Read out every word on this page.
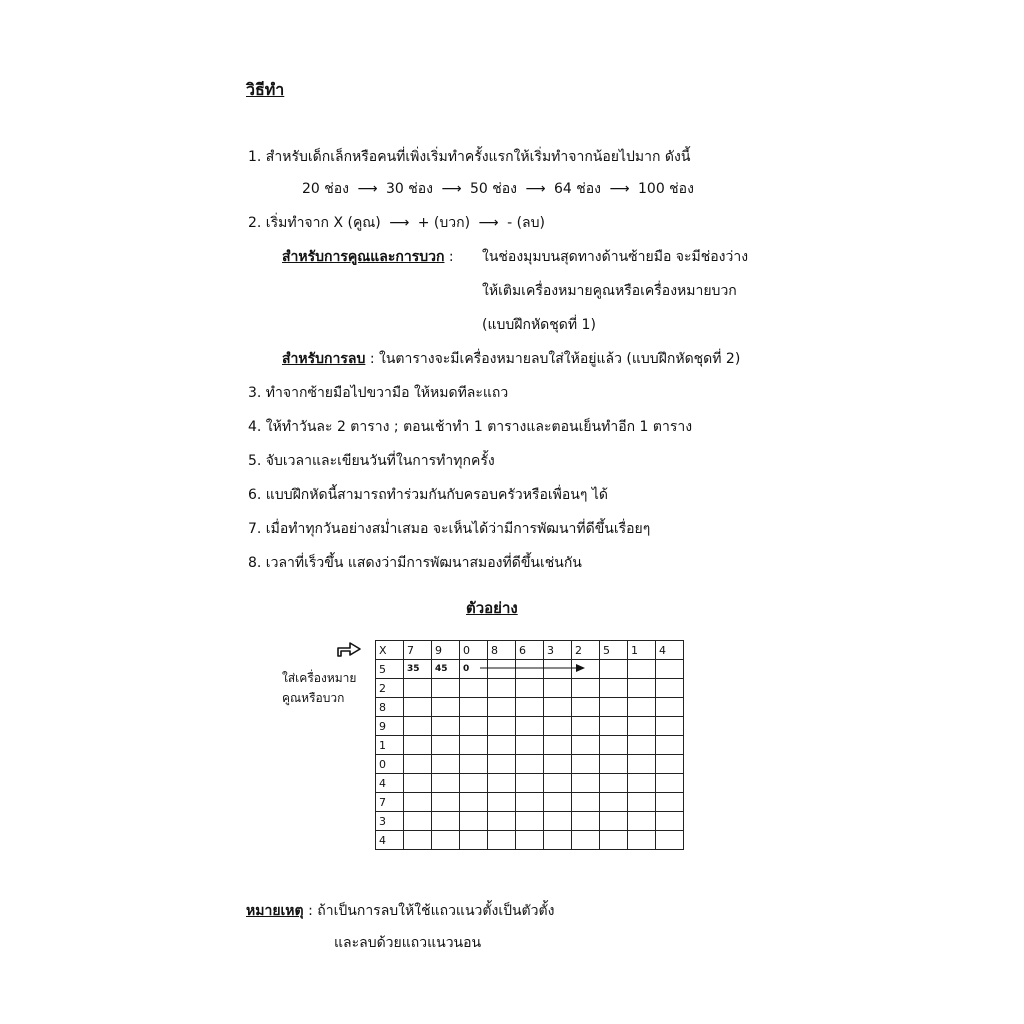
วิธีทำ
1. สำหรับเด็กเล็กหรือคนที่เพิ่งเริ่มทำครั้งแรกให้เริ่มทำจากน้อยไปมาก ดังนี้
20 ช่อง ⟶ 30 ช่อง ⟶ 50 ช่อง ⟶ 64 ช่อง ⟶ 100 ช่อง
2. เริ่มทำจาก X (คูณ) ⟶ + (บวก) ⟶ - (ลบ)
สำหรับการคูณและการบวก : ในช่องมุมบนสุดทางด้านซ้ายมือ จะมีช่องว่าง
ให้เติมเครื่องหมายคูณหรือเครื่องหมายบวก
(แบบฝึกหัดชุดที่ 1)
สำหรับการลบ : ในตารางจะมีเครื่องหมายลบใส่ให้อยู่แล้ว (แบบฝึกหัดชุดที่ 2)
3. ทำจากซ้ายมือไปขวามือ ให้หมดทีละแถว
4. ให้ทำวันละ 2 ตาราง ; ตอนเช้าทำ 1 ตารางและตอนเย็นทำอีก 1 ตาราง
5. จับเวลาและเขียนวันที่ในการทำทุกครั้ง
6. แบบฝึกหัดนี้สามารถทำร่วมกันกับครอบครัวหรือเพื่อนๆ ได้
7. เมื่อทำทุกวันอย่างสม่ำเสมอ จะเห็นได้ว่ามีการพัฒนาที่ดีขึ้นเรื่อยๆ
8. เวลาที่เร็วขึ้น แสดงว่ามีการพัฒนาสมองที่ดีขึ้นเช่นกัน
ตัวอย่าง
ใส่เครื่องหมาย
คูณหรือบวก
X	7	9	0	8	6	3	2	5	1	4
5	35	45	0							
2										
8										
9										
1										
0										
4										
7										
3										
4										
หมายเหตุ : ถ้าเป็นการลบให้ใช้แถวแนวตั้งเป็นตัวตั้ง
และลบด้วยแถวแนวนอน
